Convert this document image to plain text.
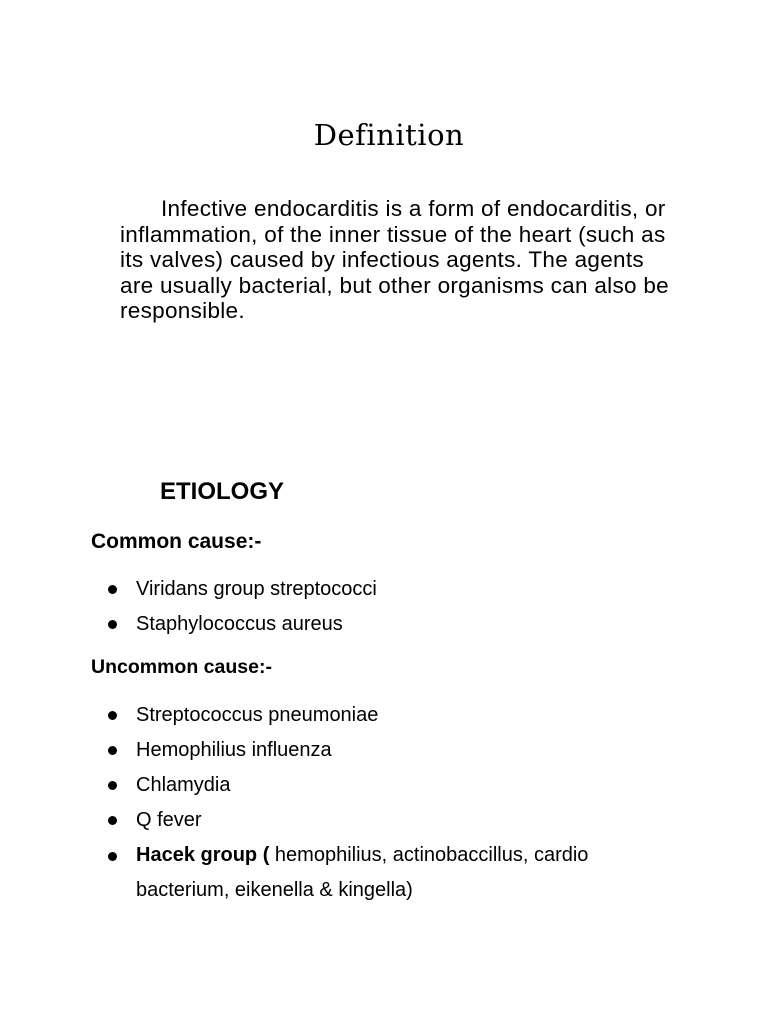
Definition

Infective endocarditis is a form of endocarditis, or inflammation, of the inner tissue of the heart (such as its valves) caused by infectious agents. The agents are usually bacterial, but other organisms can also be responsible.

ETIOLOGY
Common cause:-
Viridans group streptococci
Staphylococcus aureus
Uncommon cause:-
Streptococcus pneumoniae
Hemophilius influenza
Chlamydia
Q fever
Hacek group ( hemophilius, actinobaccillus, cardio bacterium, eikenella & kingella)
